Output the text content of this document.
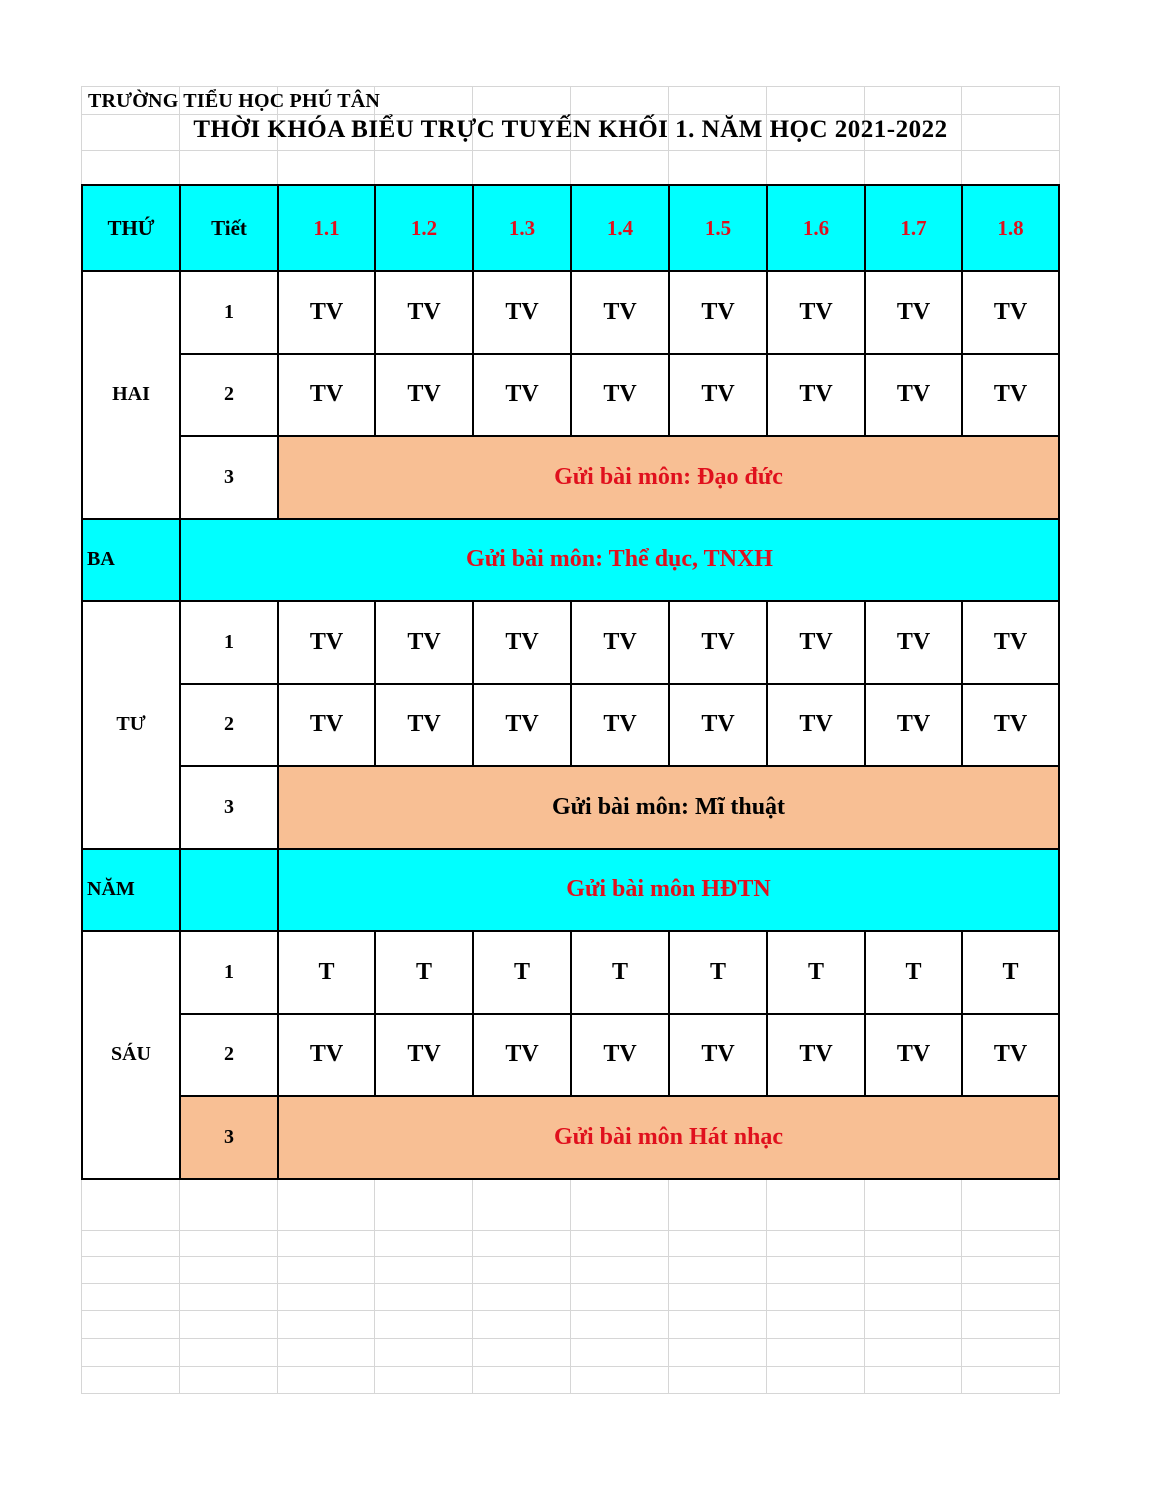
TRƯỜNG TIỂU HỌC PHÚ TÂN
THỜI KHÓA BIỂU TRỰC TUYẾN KHỐI 1. NĂM HỌC 2021-2022
THỨ	Tiết	1.1	1.2	1.3	1.4	1.5	1.6	1.7	1.8
HAI	1	TV	TV	TV	TV	TV	TV	TV	TV
	2	TV	TV	TV	TV	TV	TV	TV	TV
	3	Gửi bài môn: Đạo đức							
BA	Gửi bài môn: Thể dục, TNXH								
TƯ	1	TV	TV	TV	TV	TV	TV	TV	TV
	2	TV	TV	TV	TV	TV	TV	TV	TV
	3	Gửi bài môn: Mĩ thuật							
NĂM		Gửi bài môn HĐTN							
SÁU	1	T	T	T	T	T	T	T	T
	2	TV	TV	TV	TV	TV	TV	TV	TV
	3	Gửi bài môn Hát nhạc							
